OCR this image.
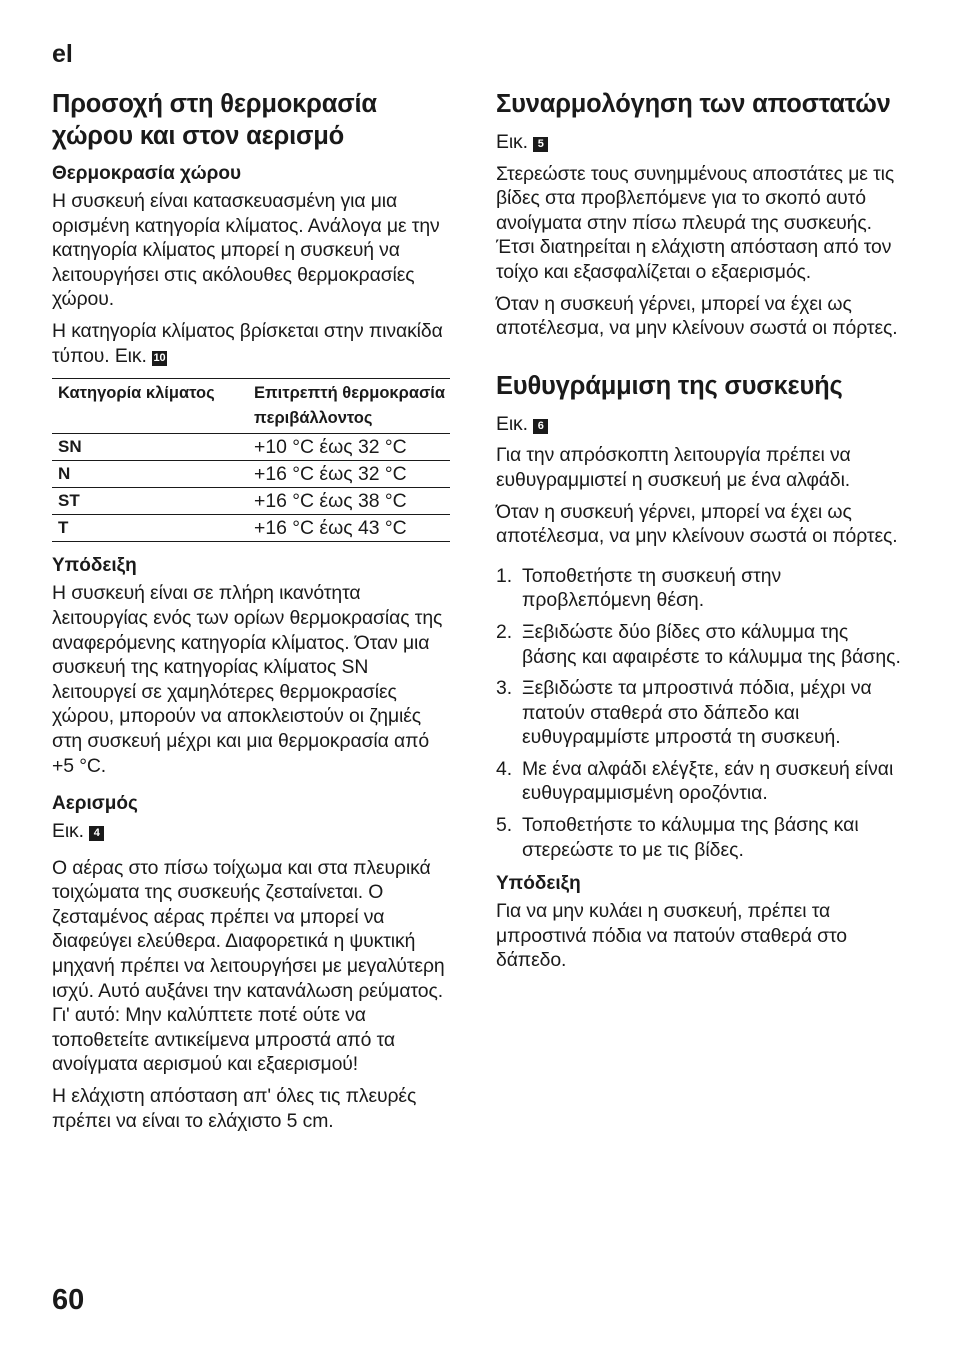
el
Προσοχή στη θερμοκρασία χώρου και στον αερισμό
Θερμοκρασία χώρου

Η συσκευή είναι κατασκευασμένη για μια ορισμένη κατηγορία κλίματος. Ανάλογα με την κατηγορία κλίματος μπορεί η συσκευή να λειτουργήσει στις ακόλουθες θερμοκρασίες χώρου.

Η κατηγορία κλίματος βρίσκεται στην πινακίδα τύπου. Εικ. 10

Κατηγορία κλίματος	Επιτρεπτή θερμοκρασία περιβάλλοντος
SN	+10 °C έως 32 °C
N	+16 °C έως 32 °C
ST	+16 °C έως 38 °C
T	+16 °C έως 43 °C
Υπόδειξη

Η συσκευή είναι σε πλήρη ικανότητα λειτουργίας ενός των ορίων θερμοκρασίας της αναφερόμενης κατηγορία κλίματος. Όταν μια συσκευή της κατηγορίας κλίματος SN λειτουργεί σε χαμηλότερες θερμοκρασίες χώρου, μπορούν να αποκλειστούν οι ζημιές στη συσκευή μέχρι και μια θερμοκρασία από +5 °C.

Αερισμός

Εικ. 4

Ο αέρας στο πίσω τοίχωμα και στα πλευρικά τοιχώματα της συσκευής ζεσταίνεται. Ο ζεσταμένος αέρας πρέπει να μπορεί να διαφεύγει ελεύθερα. Διαφορετικά η ψυκτική μηχανή πρέπει να λειτουργήσει με μεγαλύτερη ισχύ. Αυτό αυξάνει την κατανάλωση ρεύματος. Γι' αυτό: Μην καλύπτετε ποτέ ούτε να τοποθετείτε αντικείμενα μπροστά από τα ανοίγματα αερισμού και εξαερισμού!

Η ελάχιστη απόσταση απ' όλες τις πλευρές πρέπει να είναι το ελάχιστο 5 cm.

Συναρμολόγηση των αποστατών

Εικ. 5

Στερεώστε τους συνημμένους αποστάτες με τις βίδες στα προβλεπόμενε για το σκοπό αυτό ανοίγματα στην πίσω πλευρά της συσκευής. Έτσι διατηρείται η ελάχιστη απόσταση από τον τοίχο και εξασφαλίζεται ο εξαερισμός.

Όταν η συσκευή γέρνει, μπορεί να έχει ως αποτέλεσμα, να μην κλείνουν σωστά οι πόρτες.

Ευθυγράμμιση της συσκευής

Εικ. 6

Για την απρόσκοπτη λειτουργία πρέπει να ευθυγραμμιστεί η συσκευή με ένα αλφάδι.

Όταν η συσκευή γέρνει, μπορεί να έχει ως αποτέλεσμα, να μην κλείνουν σωστά οι πόρτες.

1. Τοποθετήστε τη συσκευή στην προβλεπόμενη θέση.
2. Ξεβιδώστε δύο βίδες στο κάλυμμα της βάσης και αφαιρέστε το κάλυμμα της βάσης.
3. Ξεβιδώστε τα μπροστινά πόδια, μέχρι να πατούν σταθερά στο δάπεδο και ευθυγραμμίστε μπροστά τη συσκευή.
4. Με ένα αλφάδι ελέγξτε, εάν η συσκευή είναι ευθυγραμμισμένη οροζόντια.
5. Τοποθετήστε το κάλυμμα της βάσης και στερεώστε το με τις βίδες.
Υπόδειξη

Για να μην κυλάει η συσκευή, πρέπει τα μπροστινά πόδια να πατούν σταθερά στο δάπεδο.

60
